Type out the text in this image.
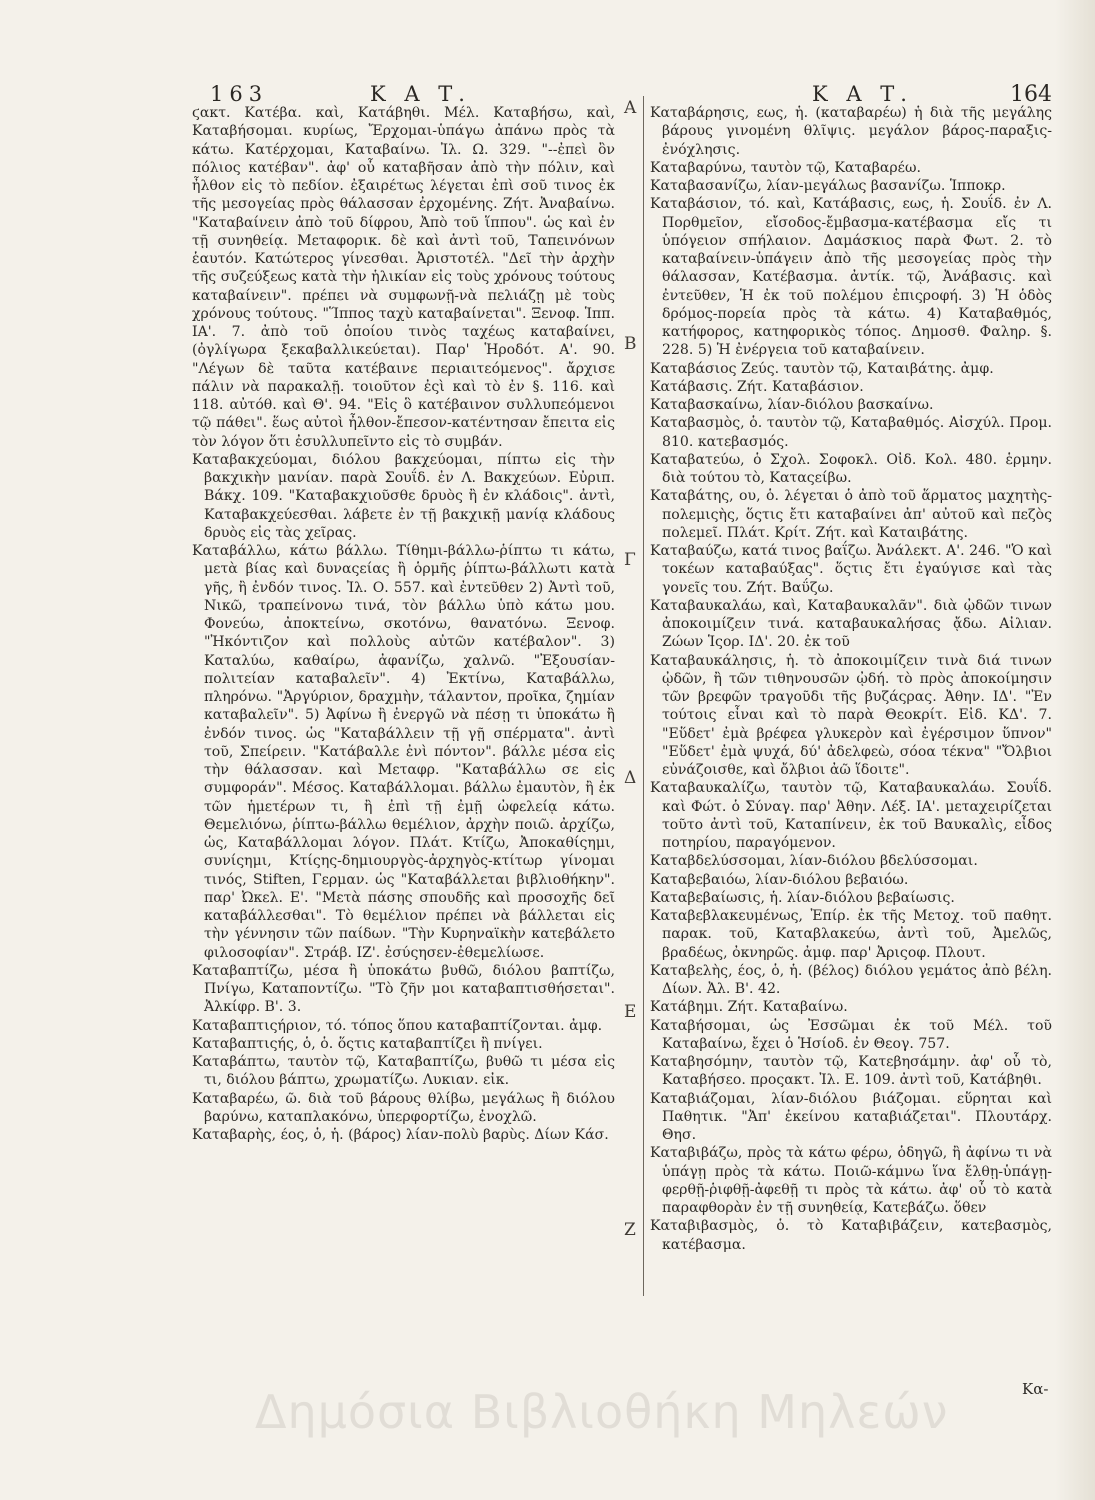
163	Κ Α Τ.	Κ Α Τ.	164

ϛακτ. Κατέβα. καὶ, Κατάβηθι. Μέλ. Καταβήσω, καὶ, Καταβήσομαι. κυρίως, Ἔρχομαι-ὑπάγω ἀπάνω πρὸς τὰ κάτω. Κατέρχομαι, Καταβαίνω. Ἰλ. Ω. 329. "--ἐπεὶ ὂν πόλιος κατέβαν". ἀφ' οὗ καταβῆσαν ἀπὸ τὴν πόλιν, καὶ ἦλθον εἰς τὸ πεδίον. ἐξαιρέτως λέγεται ἐπὶ σοῦ τινος ἐκ τῆς μεσογείας πρὸς θάλασσαν ἐρχομένης. Ζήτ. Ἀναβαίνω. "Καταβαίνειν ἀπὸ τοῦ δίφρου, Ἀπὸ τοῦ ἵππου". ὡς καὶ ἐν τῇ συνηθείᾳ. Μεταφορικ. δὲ καὶ ἀντὶ τοῦ, Ταπεινόνων ἑαυτόν. Κατώτερος γίνεσθαι. Ἀριστοτέλ. "Δεῖ τὴν ἀρχὴν τῆς συζεύξεως κατὰ τὴν ἡλικίαν εἰς τοὺς χρόνους τούτους καταβαίνειν". πρέπει νὰ συμφωνῇ-νὰ πελιάζῃ μὲ τοὺς χρόνους τούτους. "Ἵππος ταχὺ καταβαίνεται". Ξενοφ. Ἱππ. ΙΑ'. 7. ἀπὸ τοῦ ὁποίου τινὸς ταχέως καταβαίνει, (ὀγλίγωρα ξεκαβαλλικεύεται). Παρ' Ἡροδότ. Α'. 90. "Λέγων δὲ ταῦτα κατέβαινε περιαιτεόμενος". ἄρχισε πάλιν νὰ παρακαλῇ. τοιοῦτον ἐςὶ καὶ τὸ ἐν §. 116. καὶ 118. αὐτόθ. καὶ Θ'. 94. "Εἰς ὃ κατέβαινον συλλυπεόμενοι τῷ πάθει". ἕως αὐτοὶ ἦλθον-ἔπεσον-κατέντησαν ἔπειτα εἰς τὸν λόγον ὅτι ἐσυλλυπεῖντο εἰς τὸ συμβάν.

Καταβακχεύομαι, διόλου βακχεύομαι, πίπτω εἰς τὴν βακχικὴν μανίαν. παρὰ Σουΐδ. ἐν Λ. Βακχεύων. Εὐριπ. Βάκχ. 109. "Καταβακχιοῦσθε δρυὸς ἢ ἐν κλάδοις". ἀντὶ, Καταβακχεύεσθαι. λάβετε ἐν τῇ βακχικῇ μανίᾳ κλάδους δρυὸς εἰς τὰς χεῖρας.

Καταβάλλω, κάτω βάλλω. Τίθημι-βάλλω-ῥίπτω τι κάτω, μετὰ βίας καὶ δυναςείας ἢ ὁρμῆς ῥίπτω-βάλλωτι κατὰ γῆς, ἢ ἐνδόν τινος. Ἰλ. Ο. 557. καὶ ἐντεῦθεν 2) Ἀντὶ τοῦ, Νικῶ, τραπείνονω τινά, τὸν βάλλω ὑπὸ κάτω μου. Φονεύω, ἀποκτείνω, σκοτόνω, θανατόνω. Ξενοφ. "Ἠκόντιζον καὶ πολλοὺς αὐτῶν κατέβαλον". 3) Καταλύω, καθαίρω, ἀφανίζω, χαλνῶ. "Ἐξουσίαν-πολιτείαν καταβαλεῖν". 4) Ἐκτίνω, Καταβάλλω, πληρόνω. "Ἀργύριον, δραχμὴν, τάλαντον, προῖκα, ζημίαν καταβαλεῖν". 5) Ἀφίνω ἢ ἐνεργῶ νὰ πέσῃ τι ὑποκάτω ἢ ἐνδόν τινος. ὡς "Καταβάλλειν τῇ γῇ σπέρματα". ἀντὶ τοῦ, Σπείρειν. "Κατάβαλλε ἐνὶ πόντον". βάλλε μέσα εἰς τὴν θάλασσαν. καὶ Μεταφρ. "Καταβάλλω σε εἰς συμφοράν". Μέσος. Καταβάλλομαι. βάλλω ἐμαυτὸν, ἢ ἐκ τῶν ἡμετέρων τι, ἢ ἐπὶ τῇ ἐμῇ ὠφελείᾳ κάτω. Θεμελιόνω, ῥίπτω-βάλλω θεμέλιον, ἀρχὴν ποιῶ. ἀρχίζω, ὡς, Καταβάλλομαι λόγον. Πλάτ. Κτίζω, Ἀποκαθίςημι, συνίςημι, Κτίςης-δημιουργὸς-ἀρχηγὸς-κτίτωρ γίνομαι τινός, Stiften, Γερμαν. ὡς "Καταβάλλεται βιβλιοθήκην". παρ' Ὠκελ. Ε'. "Μετὰ πάσης σπουδῆς καὶ προσοχῆς δεῖ καταβάλλεσθαι". Τὸ θεμέλιον πρέπει νὰ βάλλεται εἰς τὴν γέννησιν τῶν παίδων. "Τὴν Κυρηναϊκὴν κατεβάλετο φιλοσοφίαν". Στράβ. ΙΖ'. ἐσύςησεν-ἐθεμελίωσε.

Καταβαπτίζω, μέσα ἢ ὑποκάτω βυθῶ, διόλου βαπτίζω, Πνίγω, Καταποντίζω. "Τὸ ζῆν μοι καταβαπτισθήσεται". Ἀλκίφρ. Β'. 3.

Καταβαπτιςήριον, τό. τόπος ὅπου καταβαπτίζονται. ἀμφ.

Καταβαπτιςής, ὁ, ὁ. ὅςτις καταβαπτίζει ἢ πνίγει.

Καταβάπτω, ταυτὸν τῷ, Καταβαπτίζω, βυθῶ τι μέσα εἰς τι, διόλου βάπτω, χρωματίζω. Λυκιαν. εἰκ.

Καταβαρέω, ῶ. διὰ τοῦ βάρους θλίβω, μεγάλως ἢ διόλου βαρύνω, καταπλακόνω, ὑπερφορτίζω, ἐνοχλῶ.

Καταβαρὴς, έος, ὁ, ἡ. (βάρος) λίαν-πολὺ βαρὺς. Δίων Κάσ.

Καταβάρησις, εως, ἡ. (καταβαρέω) ἡ διὰ τῆς μεγάλης βάρους γινομένη θλῖψις. μεγάλον βάρος-παραξις-ἐνόχλησις.

Καταβαρύνω, ταυτὸν τῷ, Καταβαρέω.

Καταβασανίζω, λίαν-μεγάλως βασανίζω. Ἱπποκρ.

Καταβάσιον, τό. καὶ, Κατάβασις, εως, ἡ. Σουΐδ. ἐν Λ. Πορθμεῖον, εἴσοδος-ἔμβασμα-κατέβασμα εἴς τι ὑπόγειον σπήλαιον. Δαμάσκιος παρὰ Φωτ. 2. τὸ καταβαίνειν-ὑπάγειν ἀπὸ τῆς μεσογείας πρὸς τὴν θάλασσαν, Κατέβασμα. ἀντίκ. τῷ, Ἀνάβασις. καὶ ἐντεῦθεν, Ἡ ἐκ τοῦ πολέμου ἐπιςροφή. 3) Ἡ ὁδὸς δρόμος-πορεία πρὸς τὰ κάτω. 4) Καταβαθμός, κατήφορος, κατηφορικὸς τόπος. Δημοσθ. Φαληρ. §. 228. 5) Ἡ ἐνέργεια τοῦ καταβαίνειν.

Καταβάσιος Ζεύς. ταυτὸν τῷ, Καταιβάτης. ἀμφ.

Κατάβασις. Ζήτ. Καταβάσιον.

Καταβασκαίνω, λίαν-διόλου βασκαίνω.

Καταβασμὸς, ὁ. ταυτὸν τῷ, Καταβαθμός. Αἰσχύλ. Προμ. 810. κατεβασμός.

Καταβατεύω, ὁ Σχολ. Σοφοκλ. Οἰδ. Κολ. 480. ἑρμην. διὰ τούτου τὸ, Καταςείβω.

Καταβάτης, ου, ὁ. λέγεται ὁ ἀπὸ τοῦ ἅρματος μαχητὴς-πολεμιςὴς, ὅςτις ἔτι καταβαίνει ἀπ' αὐτοῦ καὶ πεζὸς πολεμεῖ. Πλάτ. Κρίτ. Ζήτ. καὶ Καταιβάτης.

Καταβαύζω, κατά τινος βαΐζω. Ἀνάλεκτ. Α'. 246. "Ὁ καὶ τοκέων καταβαύξας". ὅςτις ἔτι ἐγαύγισε καὶ τὰς γονεῖς του. Ζήτ. Βαΰζω.

Καταβαυκαλάω, καὶ, Καταβαυκαλᾶν". διὰ ᾠδῶν τινων ἀποκοιμίζειν τινά. καταβαυκαλήσας ᾄδω. Αἰλιαν. Ζώων Ἱςορ. ΙΔ'. 20. ἐκ τοῦ

Καταβαυκάλησις, ἡ. τὸ ἀποκοιμίζειν τινὰ διά τινων ᾠδῶν, ἢ τῶν τιθηνουσῶν ᾠδή. τὸ πρὸς ἀποκοίμησιν τῶν βρεφῶν τραγοῦδι τῆς βυζάςρας. Ἀθην. ΙΔ'. "Ἐν τούτοις εἶναι καὶ τὸ παρὰ Θεοκρίτ. Εἰδ. ΚΔ'. 7. "Εὕδετ' ἐμὰ βρέφεα γλυκερὸν καὶ ἐγέρσιμον ὕπνον" "Εὕδετ' ἐμὰ ψυχά, δύ' ἀδελφεὼ, σόοα τέκνα" "Ὄλβιοι εὐνάζοισθε, καὶ ὄλβιοι ἀῶ ἵδοιτε".

Καταβαυκαλίζω, ταυτὸν τῷ, Καταβαυκαλάω. Σουΐδ. καὶ Φώτ. ὁ Σύναγ. παρ' Ἀθην. Λέξ. ΙΑ'. μεταχειρίζεται τοῦτο ἀντὶ τοῦ, Καταπίνειν, ἐκ τοῦ Βαυκαλὶς, εἶδος ποτηρίου, παραγόμενον.

Καταβδελύσσομαι, λίαν-διόλου βδελύσσομαι.

Καταβεβαιόω, λίαν-διόλου βεβαιόω.

Καταβεβαίωσις, ἡ. λίαν-διόλου βεβαίωσις.

Καταβεβλακευμένως, Ἐπίρ. ἐκ τῆς Μετοχ. τοῦ παθητ. παρακ. τοῦ, Καταβλακεύω, ἀντὶ τοῦ, Ἀμελῶς, βραδέως, ὀκνηρῶς. ἀμφ. παρ' Ἀριςοφ. Πλουτ.

Καταβελὴς, έος, ὁ, ἡ. (βέλος) διόλου γεμάτος ἀπὸ βέλη. Δίων. Ἀλ. Β'. 42.

Κατάβημι. Ζήτ. Καταβαίνω.

Καταβήσομαι, ὡς Ἐσσῶμαι ἐκ τοῦ Μέλ. τοῦ Καταβαίνω, ἔχει ὁ Ἡσίοδ. ἐν Θεογ. 757.

Καταβησόμην, ταυτὸν τῷ, Κατεβησάμην. ἀφ' οὗ τὸ, Καταβήσεο. προςακτ. Ἰλ. Ε. 109. ἀντὶ τοῦ, Κατάβηθι.

Καταβιάζομαι, λίαν-διόλου βιάζομαι. εὕρηται καὶ Παθητικ. "Ἀπ' ἐκείνου καταβιάζεται". Πλουτάρχ. Θησ.

Καταβιβάζω, πρὸς τὰ κάτω φέρω, ὁδηγῶ, ἢ ἀφίνω τι νὰ ὑπάγῃ πρὸς τὰ κάτω. Ποιῶ-κάμνω ἵνα ἔλθῃ-ὑπάγῃ-φερθῇ-ῥιφθῇ-ἀφεθῇ τι πρὸς τὰ κάτω. ἀφ' οὗ τὸ κατὰ παραφθορὰν ἐν τῇ συνηθείᾳ, Κατεβάζω. ὅθεν

Καταβιβασμὸς, ὁ. τὸ Καταβιβάζειν, κατεβασμὸς, κατέβασμα.

Α
Β
Γ
Δ
Ε
Ζ
Κα-
Δημόσια Βιβλιοθήκη Μηλεών
